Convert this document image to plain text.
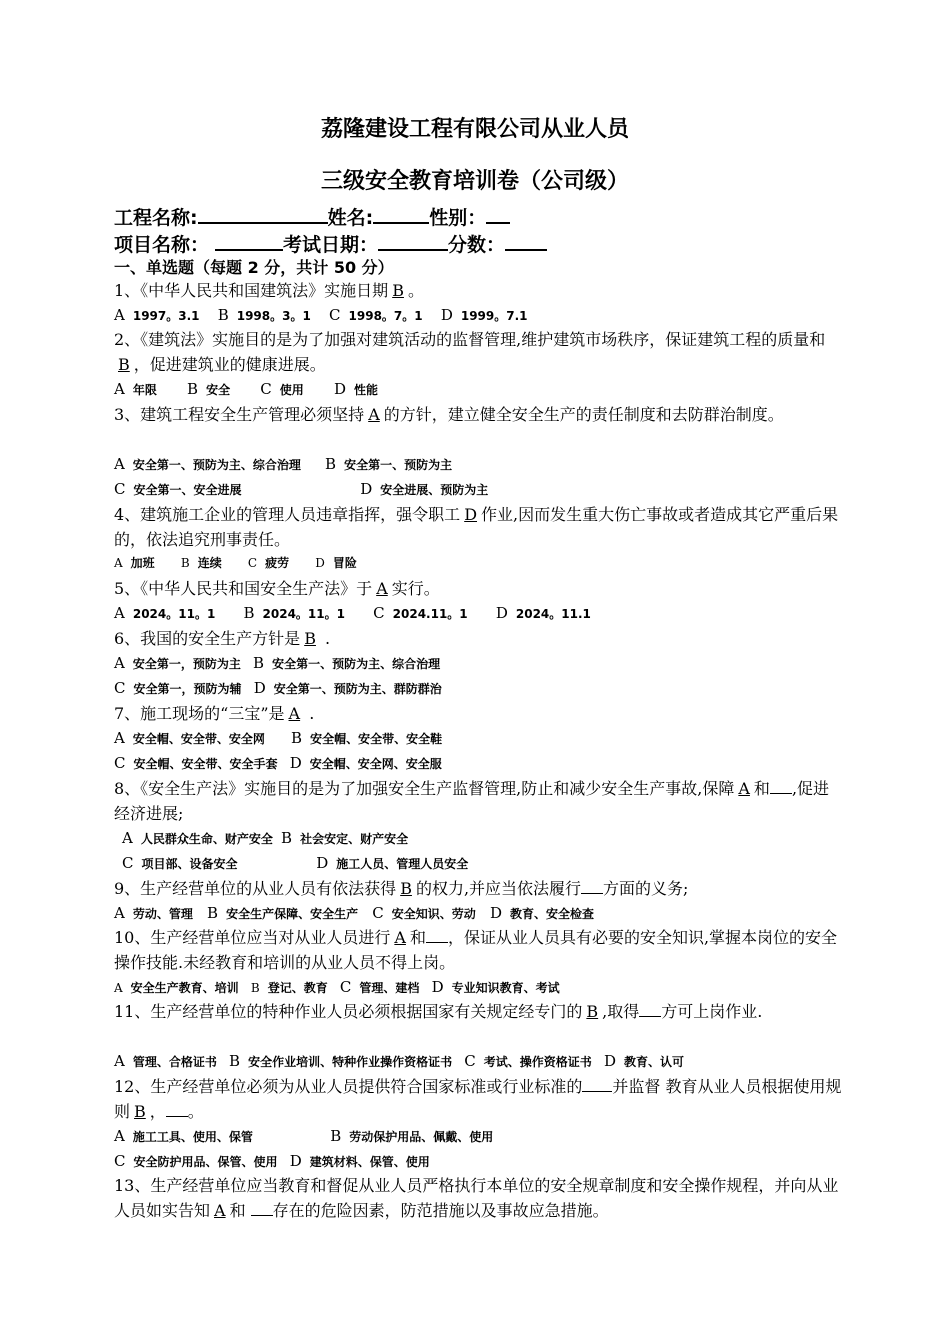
荔隆建设工程有限公司从业人员
三级安全教育培训卷（公司级）
工程名称:	姓名:	性别：
项目名称：	考试日期：	分数：
一、单选题（每题 2 分，共计 50 分）
1、《中华人民共和国建筑法》实施日期 B 。
A 1997。3.1 B 1998。3。1 C 1998。7。1 D 1999。7.1
2、《建筑法》实施目的是为了加强对建筑活动的监督管理,维护建筑市场秩序，保证建筑工程的质量和B ，促进建筑业的健康进展。
A 年限 B 安全 C 使用 D 性能
3、建筑工程安全生产管理必须坚持 A 的方针，建立健全安全生产的责任制度和去防群治制度。
A 安全第一、预防为主、综合治理 B 安全第一、预防为主
C 安全第一、安全进展	D 安全进展、预防为主
4、建筑施工企业的管理人员违章指挥，强令职工 D 作业,因而发生重大伤亡事故或者造成其它严重后果的，依法追究刑事责任。
A 加班 B 连续 C 疲劳 D 冒险
5、《中华人民共和国安全生产法》于 A 实行。
A 2024。11。1 B 2024。11。1 C 2024.11。1 D 2024。11.1
6、我国的安全生产方针是 B .
A 安全第一，预防为主 B 安全第一、预防为主、综合治理
C 安全第一，预防为辅 D 安全第一、预防为主、群防群治
7、施工现场的“三宝”是 A .
A 安全帽、安全带、安全网 B 安全帽、安全带、安全鞋
C 安全帽、安全带、安全手套 D 安全帽、安全网、安全服
8、《安全生产法》实施目的是为了加强安全生产监督管理,防止和减少安全生产事故,保障 A 和 ,促进经济进展;
A 人民群众生命、财产安全 B 社会安定、财产安全
C 项目部、设备安全	D 施工人员、管理人员安全
9、生产经营单位的从业人员有依法获得 B 的权力,并应当依法履行 方面的义务;
A 劳动、管理 B 安全生产保障、安全生产 C 安全知识、劳动 D 教育、安全检查
10、生产经营单位应当对从业人员进行 A 和 ，保证从业人员具有必要的安全知识,掌握本岗位的安全操作技能.未经教育和培训的从业人员不得上岗。
A 安全生产教育、培训 B 登记、教育 C 管理、建档 D 专业知识教育、考试
11、生产经营单位的特种作业人员必须根据国家有关规定经专门的 B ,取得 方可上岗作业.
A 管理、合格证书 B 安全作业培训、特种作业操作资格证书 C 考试、操作资格证书 D 教育、认可
12、生产经营单位必须为从业人员提供符合国家标准或行业标准的 并监督 教育从业人员根据使用规则 B ， 。
A 施工工具、使用、保管	B 劳动保护用品、佩戴、使用
C 安全防护用品、保管、使用 D 建筑材料、保管、使用
13、生产经营单位应当教育和督促从业人员严格执行本单位的安全规章制度和安全操作规程，并向从业人员如实告知 A 和 存在的危险因素，防范措施以及事故应急措施。
